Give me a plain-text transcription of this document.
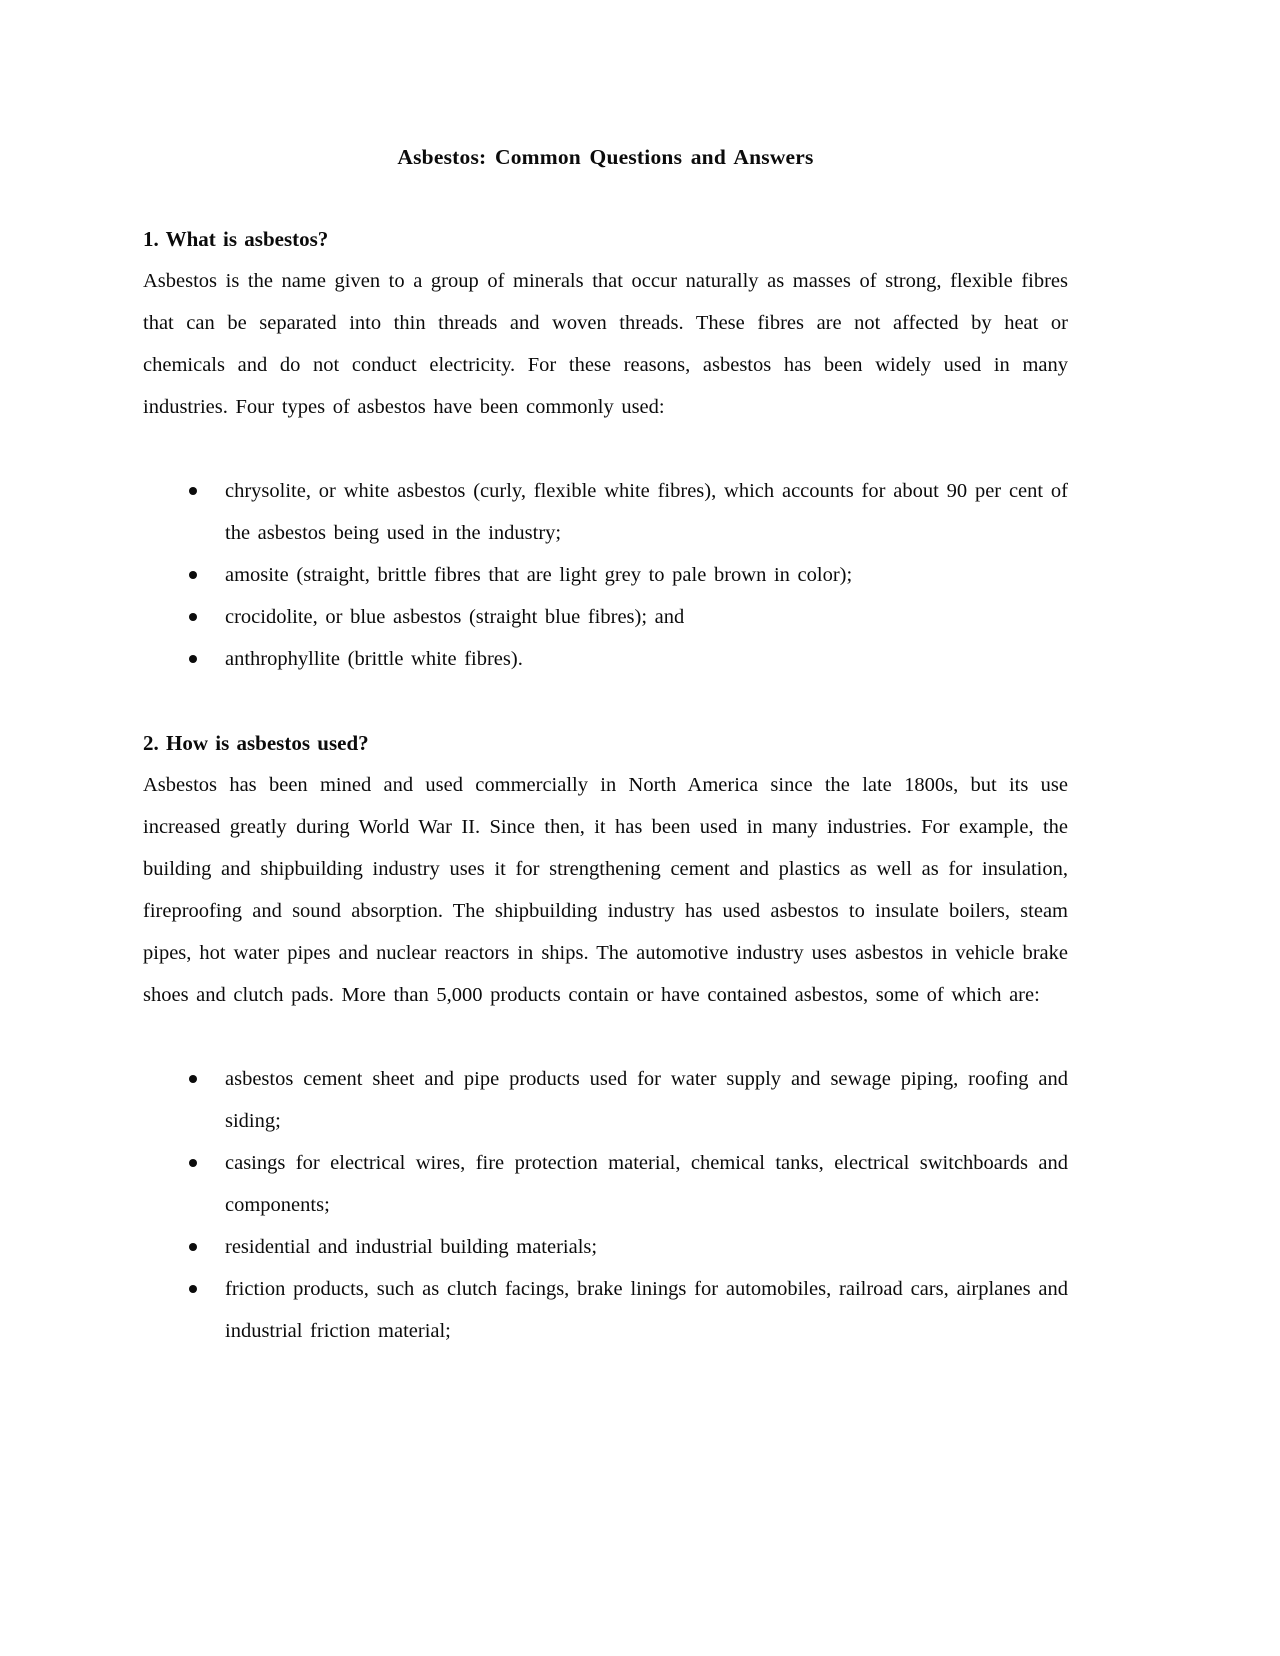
Asbestos: Common Questions and Answers
1. What is asbestos?

Asbestos is the name given to a group of minerals that occur naturally as masses of strong, flexible fibres that can be separated into thin threads and woven threads. These fibres are not affected by heat or chemicals and do not conduct electricity. For these reasons, asbestos has been widely used in many industries. Four types of asbestos have been commonly used:

chrysolite, or white asbestos (curly, flexible white fibres), which accounts for about 90 per cent of the asbestos being used in the industry;
amosite (straight, brittle fibres that are light grey to pale brown in color);
crocidolite, or blue asbestos (straight blue fibres); and
anthrophyllite (brittle white fibres).
2. How is asbestos used?

Asbestos has been mined and used commercially in North America since the late 1800s, but its use increased greatly during World War II. Since then, it has been used in many industries. For example, the building and shipbuilding industry uses it for strengthening cement and plastics as well as for insulation, fireproofing and sound absorption. The shipbuilding industry has used asbestos to insulate boilers, steam pipes, hot water pipes and nuclear reactors in ships. The automotive industry uses asbestos in vehicle brake shoes and clutch pads. More than 5,000 products contain or have contained asbestos, some of which are:

asbestos cement sheet and pipe products used for water supply and sewage piping, roofing and siding;
casings for electrical wires, fire protection material, chemical tanks, electrical switchboards and components;
residential and industrial building materials;
friction products, such as clutch facings, brake linings for automobiles, railroad cars, airplanes and industrial friction material;
